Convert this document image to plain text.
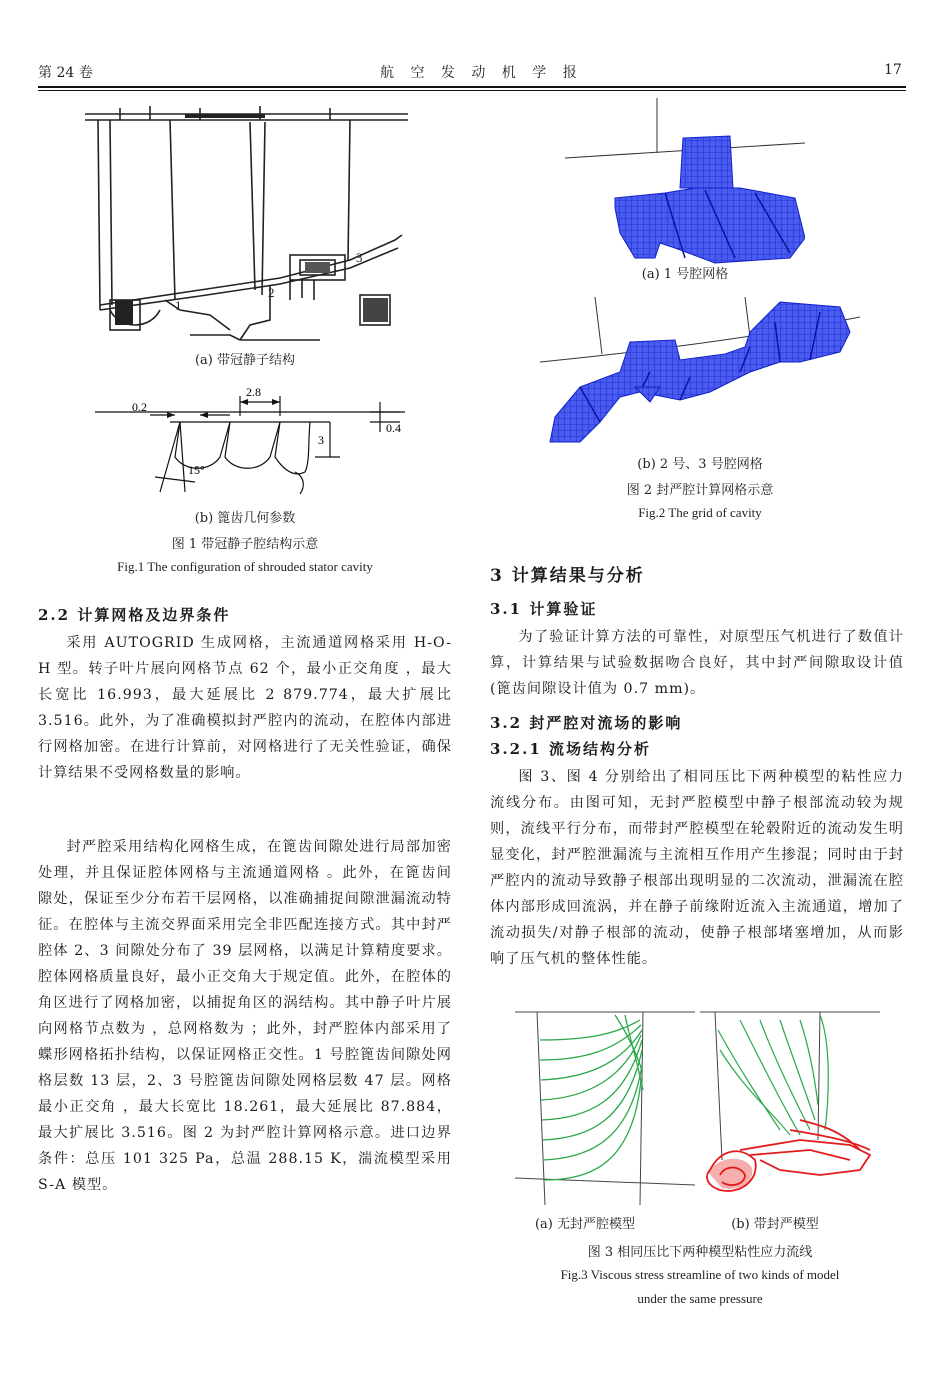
第 24 卷	航 空 发 动 机 学 报	17
3
2
1
(a) 带冠静子结构
0.2
2.8
3
0.4
15°
(b) 篦齿几何参数
图 1 带冠静子腔结构示意
Fig.1 The configuration of shrouded stator cavity
(a) 1 号腔网格
(b) 2 号、3 号腔网格
图 2 封严腔计算网格示意
Fig.2 The grid of cavity
2.2 计算网格及边界条件

采用 AUTOGRID 生成网格，主流通道网格采用 H-O-H 型。转子叶片展向网格节点 62 个，最小正交角度 ，最大长宽比 16.993，最大延展比 2 879.774，最大扩展比 3.516。此外，为了准确模拟封严腔内的流动，在腔体内部进行网格加密。在进行计算前，对网格进行了无关性验证，确保计算结果不受网格数量的影响。

封严腔采用结构化网格生成，在篦齿间隙处进行局部加密处理，并且保证腔体网格与主流通道网格 。此外，在篦齿间隙处，保证至少分布若干层网格，以准确捕捉间隙泄漏流动特征。在腔体与主流交界面采用完全非匹配连接方式。其中封严腔体 2、3 间隙处分布了 39 层网格，以满足计算精度要求。腔体网格质量良好，最小正交角大于规定值。此外，在腔体的角区进行了网格加密，以捕捉角区的涡结构。其中静子叶片展向网格节点数为 ，总网格数为 ；此外，封严腔体内部采用了蝶形网格拓扑结构，以保证网格正交性。1 号腔篦齿间隙处网格层数 13 层，2、3 号腔篦齿间隙处网格层数 47 层。网格最小正交角 ，最大长宽比 18.261，最大延展比 87.884，最大扩展比 3.516。图 2 为封严腔计算网格示意。进口边界条件：总压 101 325 Pa，总温 288.15 K，湍流模型采用 S-A 模型。

3 计算结果与分析
3.1 计算验证

为了验证计算方法的可靠性，对原型压气机进行了数值计算，计算结果与试验数据吻合良好，其中封严间隙取设计值 (篦齿间隙设计值为 0.7 mm)。

3.2 封严腔对流场的影响
3.2.1 流场结构分析

图 3、图 4 分别给出了相同压比下两种模型的粘性应力流线分布。由图可知，无封严腔模型中静子根部流动较为规则，流线平行分布，而带封严腔模型在轮毂附近的流动发生明显变化，封严腔泄漏流与主流相互作用产生掺混；同时由于封严腔内的流动导致静子根部出现明显的二次流动，泄漏流在腔体内部形成回流涡，并在静子前缘附近流入主流通道，增加了流动损失/对静子根部的流动，使静子根部堵塞增加，从而影响了压气机的整体性能。

(a) 无封严腔模型	(b) 带封严模型
图 3 相同压比下两种模型粘性应力流线
Fig.3 Viscous stress streamline of two kinds of model
under the same pressure
